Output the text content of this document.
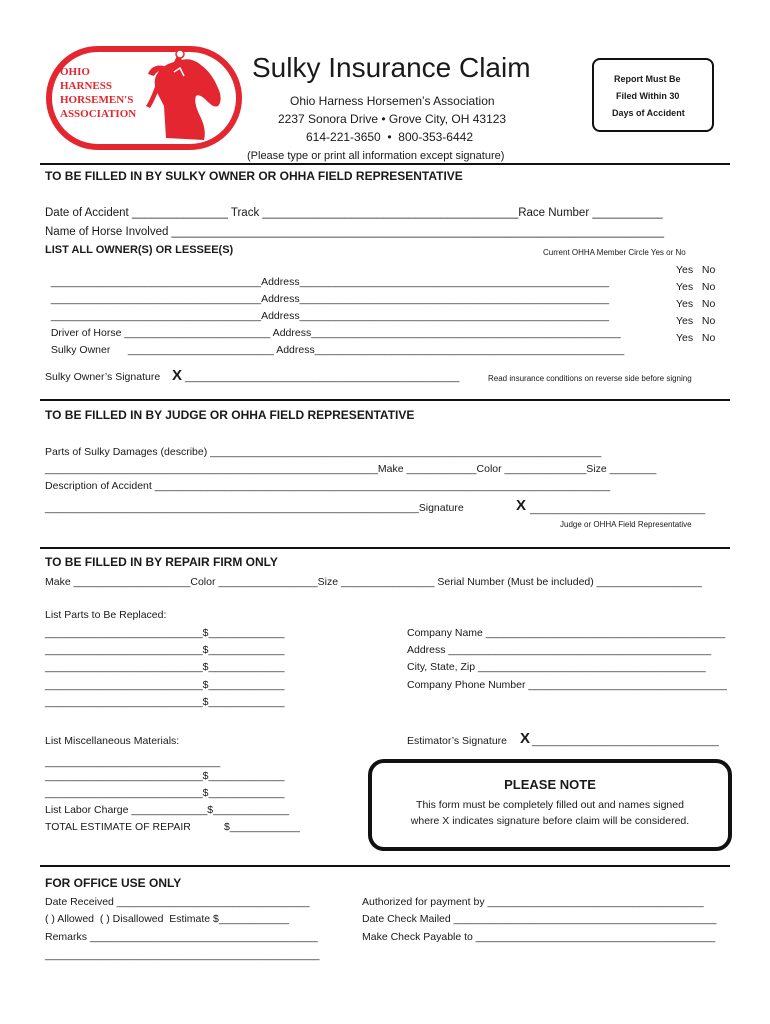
OHIO
HARNESS
HORSEMEN'S
ASSOCIATION
Sulky Insurance Claim
Ohio Harness Horsemen’s Association
2237 Sonora Drive • Grove City, OH 43123
614-221-3650  •  800-353-6442
(Please type or print all information except signature)
Report Must Be
Filed Within 30
Days of Accident
TO BE FILLED IN BY SULKY OWNER OR OHHA FIELD REPRESENTATIVE
Date of Accident _______________ Track ________________________________________Race Number ___________
Name of Horse Involved _____________________________________________________________________________
LIST ALL OWNER(S) OR LESSEE(S)	Current OHHA Member Circle Yes or No

____________________________________Address_____________________________________________________

Yes   No

____________________________________Address_____________________________________________________

Yes   No

____________________________________Address_____________________________________________________

Yes   No

Driver of Horse _________________________ Address_____________________________________________________

Yes   No

Sulky Owner      _________________________ Address_____________________________________________________

Yes   No
Sulky Owner’s Signature X _______________________________________________	Read insurance conditions on reverse side before signing
TO BE FILLED IN BY JUDGE OR OHHA FIELD REPRESENTATIVE
Parts of Sulky Damages (describe) ___________________________________________________________________
_________________________________________________________Make ____________Color ______________Size ________
Description of Accident ______________________________________________________________________________
________________________________________________________________Signature	X ______________________________
Judge or OHHA Field Representative
TO BE FILLED IN BY REPAIR FIRM ONLY
Make ____________________Color _________________Size ________________ Serial Number (Must be included) __________________
List Parts to Be Replaced:
___________________________$_____________
___________________________$_____________
___________________________$_____________
___________________________$_____________
___________________________$_____________
Company Name _________________________________________
Address _____________________________________________
City, State, Zip _______________________________________
Company Phone Number __________________________________
List Miscellaneous Materials:	Estimator’s Signature X ________________________________
______________________________
___________________________$_____________
___________________________$_____________
List Labor Charge _____________$_____________
TOTAL ESTIMATE OF REPAIR	$____________
PLEASE NOTE
This form must be completely filled out and names signed
where X indicates signature before claim will be considered.
FOR OFFICE USE ONLY
Date Received _________________________________
( ) Allowed  ( ) Disallowed  Estimate $____________
Remarks _______________________________________
_______________________________________________
Authorized for payment by _____________________________________
Date Check Mailed _____________________________________________
Make Check Payable to _________________________________________
